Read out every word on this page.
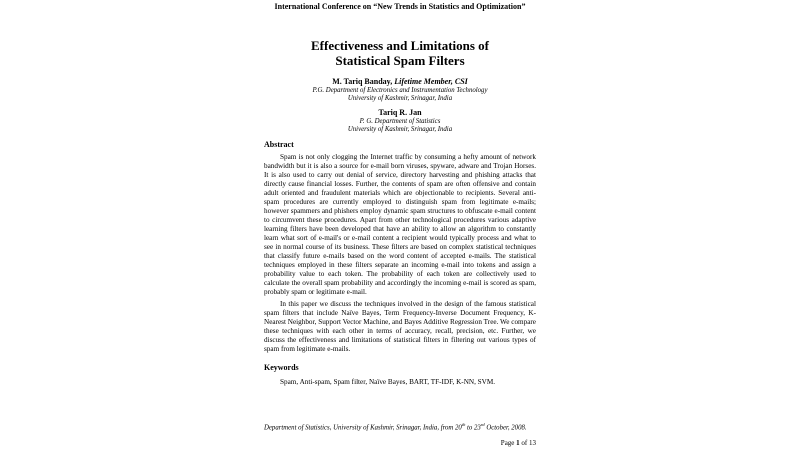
International Conference on “New Trends in Statistics and Optimization”
Effectiveness and Limitations of
Statistical Spam Filters
M. Tariq Banday, Lifetime Member, CSI
P.G. Department of Electronics and Instrumentation Technology
University of Kashmir, Srinagar, India
Tariq R. Jan
P. G. Department of Statistics
University of Kashmir, Srinagar, India
Abstract
Spam is not only clogging the Internet traffic by consuming a hefty amount of network bandwidth but it is also a source for e-mail born viruses, spyware, adware and Trojan Horses. It is also used to carry out denial of service, directory harvesting and phishing attacks that directly cause financial losses. Further, the contents of spam are often offensive and contain adult oriented and fraudulent materials which are objectionable to recipients. Several anti-spam procedures are currently employed to distinguish spam from legitimate e-mails; however spammers and phishers employ dynamic spam structures to obfuscate e-mail content to circumvent these procedures. Apart from other technological procedures various adaptive learning filters have been developed that have an ability to allow an algorithm to constantly learn what sort of e-mail's or e-mail content a recipient would typically process and what to see in normal course of its business. These filters are based on complex statistical techniques that classify future e-mails based on the word content of accepted e-mails. The statistical techniques employed in these filters separate an incoming e-mail into tokens and assign a probability value to each token. The probability of each token are collectively used to calculate the overall spam probability and accordingly the incoming e-mail is scored as spam, probably spam or legitimate e-mail.
In this paper we discuss the techniques involved in the design of the famous statistical spam filters that include Naïve Bayes, Term Frequency-Inverse Document Frequency, K-Nearest Neighbor, Support Vector Machine, and Bayes Additive Regression Tree. We compare these techniques with each other in terms of accuracy, recall, precision, etc. Further, we discuss the effectiveness and limitations of statistical filters in filtering out various types of spam from legitimate e-mails.
Keywords
Spam, Anti-spam, Spam filter, Naïve Bayes, BART, TF-IDF, K-NN, SVM.
Department of Statistics, University of Kashmir, Srinagar, India, from 20th to 23rd October, 2008.
Page 1 of 13
